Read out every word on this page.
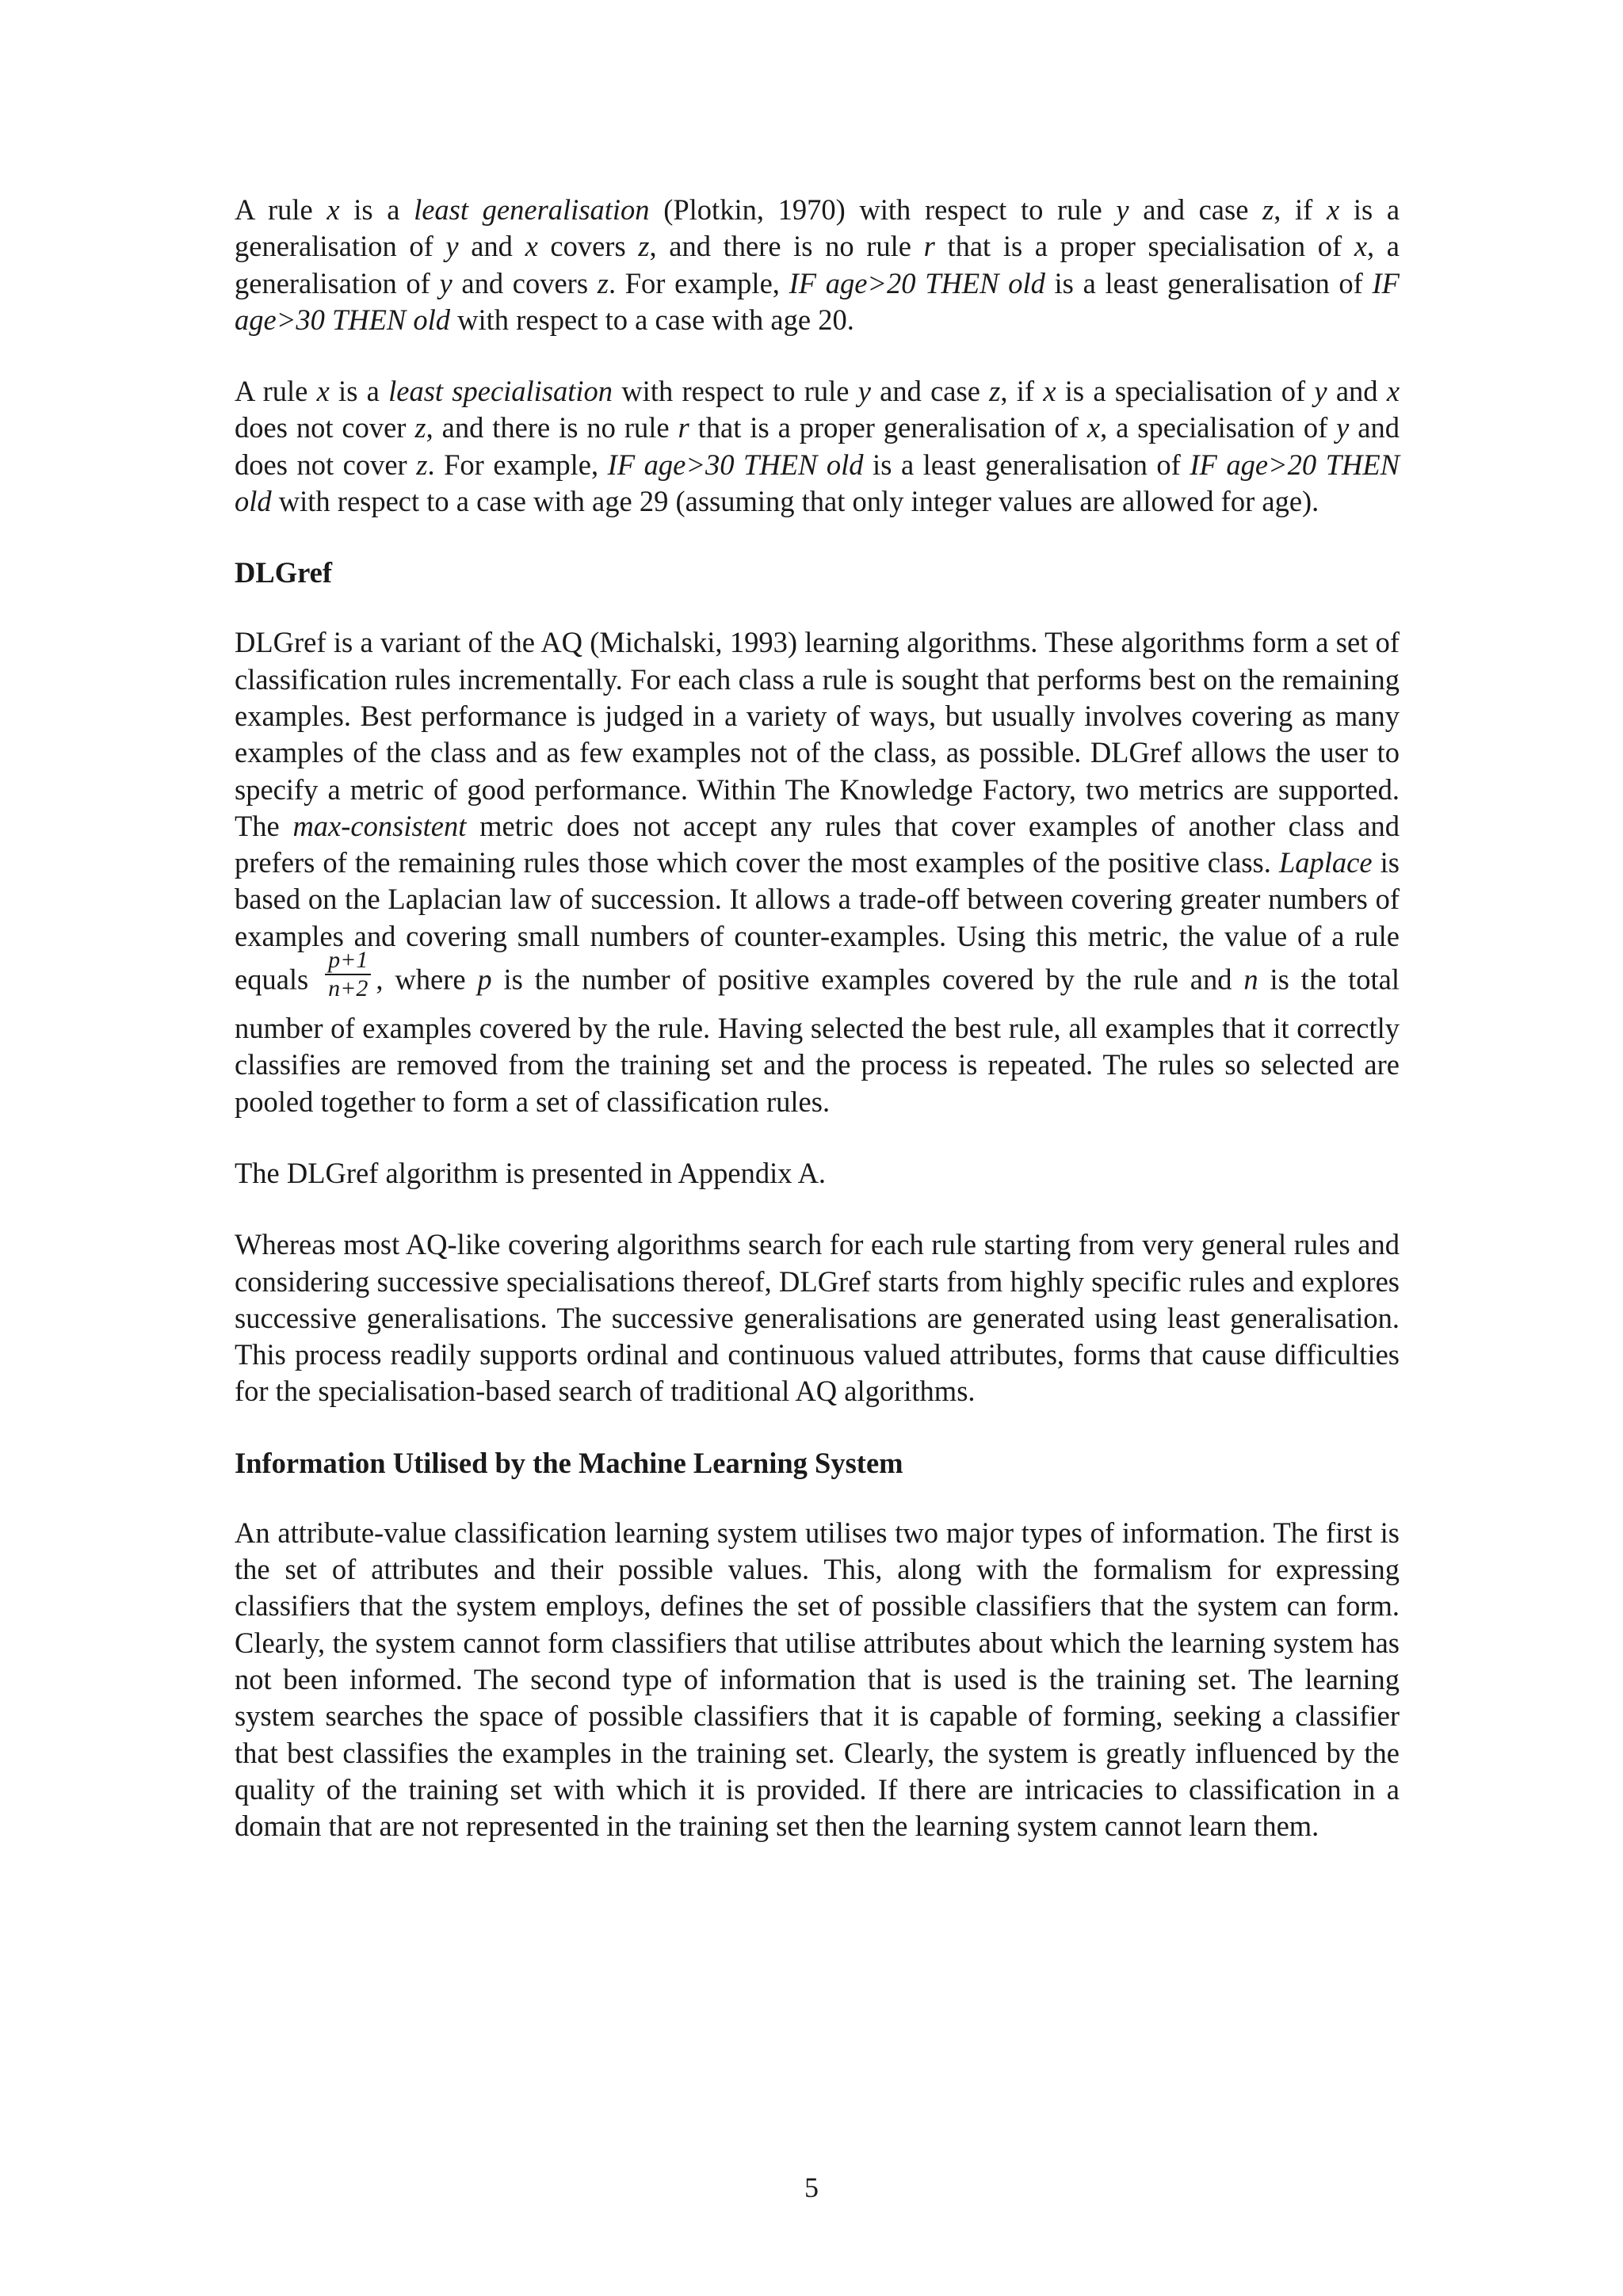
A rule x is a least generalisation (Plotkin, 1970) with respect to rule y and case z, if x is a generalisation of y and x covers z, and there is no rule r that is a proper specialisation of x, a generalisation of y and covers z. For example, IF age>20 THEN old is a least generalisation of IF age>30 THEN old with respect to a case with age 20.

A rule x is a least specialisation with respect to rule y and case z, if x is a specialisation of y and x does not cover z, and there is no rule r that is a proper generalisation of x, a specialisation of y and does not cover z. For example, IF age>30 THEN old is a least generalisation of IF age>20 THEN old with respect to a case with age 29 (assuming that only integer values are allowed for age).

DLGref

DLGref is a variant of the AQ (Michalski, 1993) learning algorithms. These algorithms form a set of classification rules incrementally. For each class a rule is sought that performs best on the remaining examples. Best performance is judged in a variety of ways, but usually involves covering as many examples of the class and as few examples not of the class, as possible. DLGref allows the user to specify a metric of good performance. Within The Knowledge Factory, two metrics are supported. The max-consistent metric does not accept any rules that cover examples of another class and prefers of the remaining rules those which cover the most examples of the positive class. Laplace is based on the Laplacian law of succession. It allows a trade-off between covering greater numbers of examples and covering small numbers of counter-examples. Using this metric, the value of a rule equals $\frac{p+1}{n+2}$ , where p is the number of positive examples covered by the rule and n is the total number of examples covered by the rule. Having selected the best rule, all examples that it correctly classifies are removed from the training set and the process is repeated. The rules so selected are pooled together to form a set of classification rules.

The DLGref algorithm is presented in Appendix A.

Whereas most AQ-like covering algorithms search for each rule starting from very general rules and considering successive specialisations thereof, DLGref starts from highly specific rules and explores successive generalisations. The successive generalisations are generated using least generalisation. This process readily supports ordinal and continuous valued attributes, forms that cause difficulties for the specialisation-based search of traditional AQ algorithms.

Information Utilised by the Machine Learning System

An attribute-value classification learning system utilises two major types of information. The first is the set of attributes and their possible values. This, along with the formalism for expressing classifiers that the system employs, defines the set of possible classifiers that the system can form. Clearly, the system cannot form classifiers that utilise attributes about which the learning system has not been informed. The second type of information that is used is the training set. The learning system searches the space of possible classifiers that it is capable of forming, seeking a classifier that best classifies the examples in the training set. Clearly, the system is greatly influenced by the quality of the training set with which it is provided. If there are intricacies to classification in a domain that are not represented in the training set then the learning system cannot learn them.

5
